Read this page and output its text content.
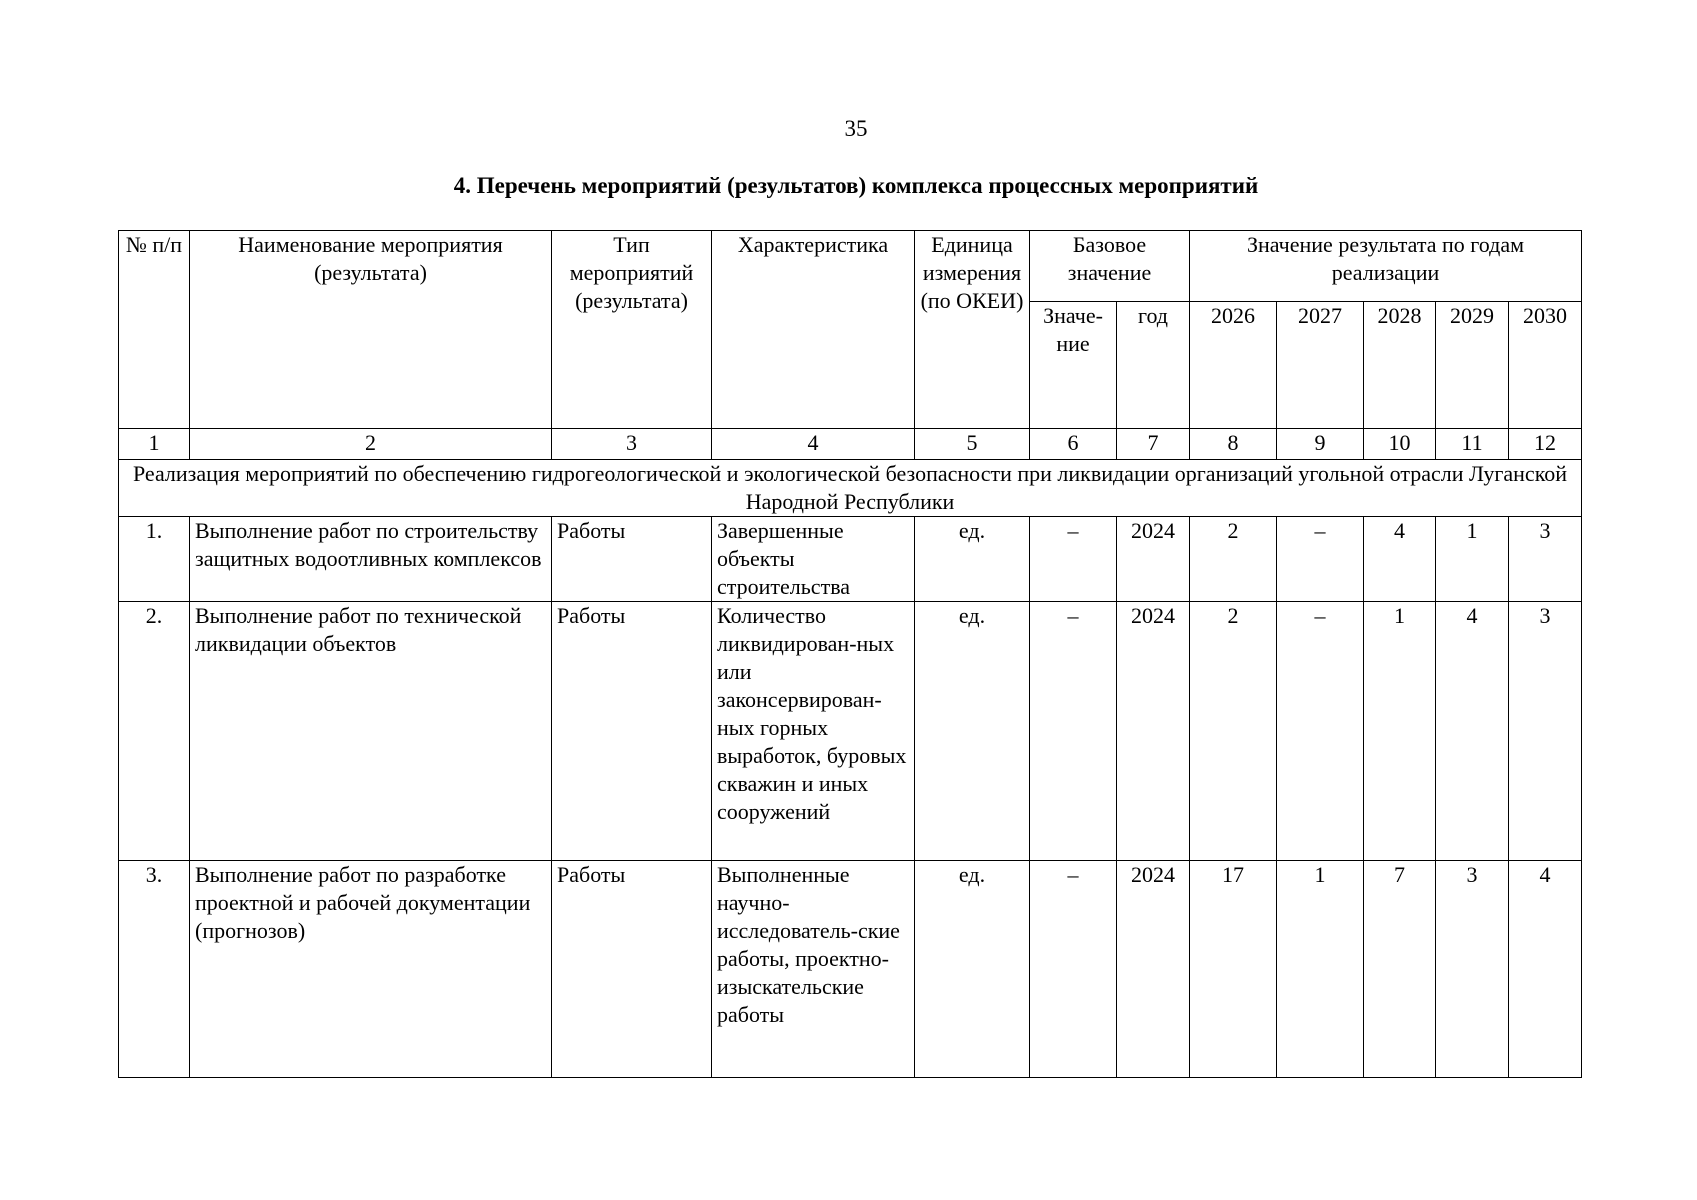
35
4. Перечень мероприятий (результатов) комплекса процессных мероприятий
№ п/п	Наименование мероприятия (результата)	Тип мероприятий (результата)	Характеристика	Единица измерения (по ОКЕИ)	Базовое значение		Значение результата по годам реализации				
					Значе-ние	год	2026	2027	2028	2029	2030
1	2	3	4	5	6	7	8	9	10	11	12
Реализация мероприятий по обеспечению гидрогеологической и экологической безопасности при ликвидации организаций угольной отрасли Луганской Народной Республики											
1.	Выполнение работ по строительству защитных водоотливных комплексов	Работы	Завершенные объекты строительства	ед.	–	2024	2	–	4	1	3
2.	Выполнение работ по технической ликвидации объектов	Работы	Количество ликвидирован-ных или законсервирован-ных горных выработок, буровых скважин и иных сооружений	ед.	–	2024	2	–	1	4	3
3.	Выполнение работ по разработке проектной и рабочей документации (прогнозов)	Работы	Выполненные научно-исследователь-ские работы, проектно-изыскательские работы	ед.	–	2024	17	1	7	3	4
